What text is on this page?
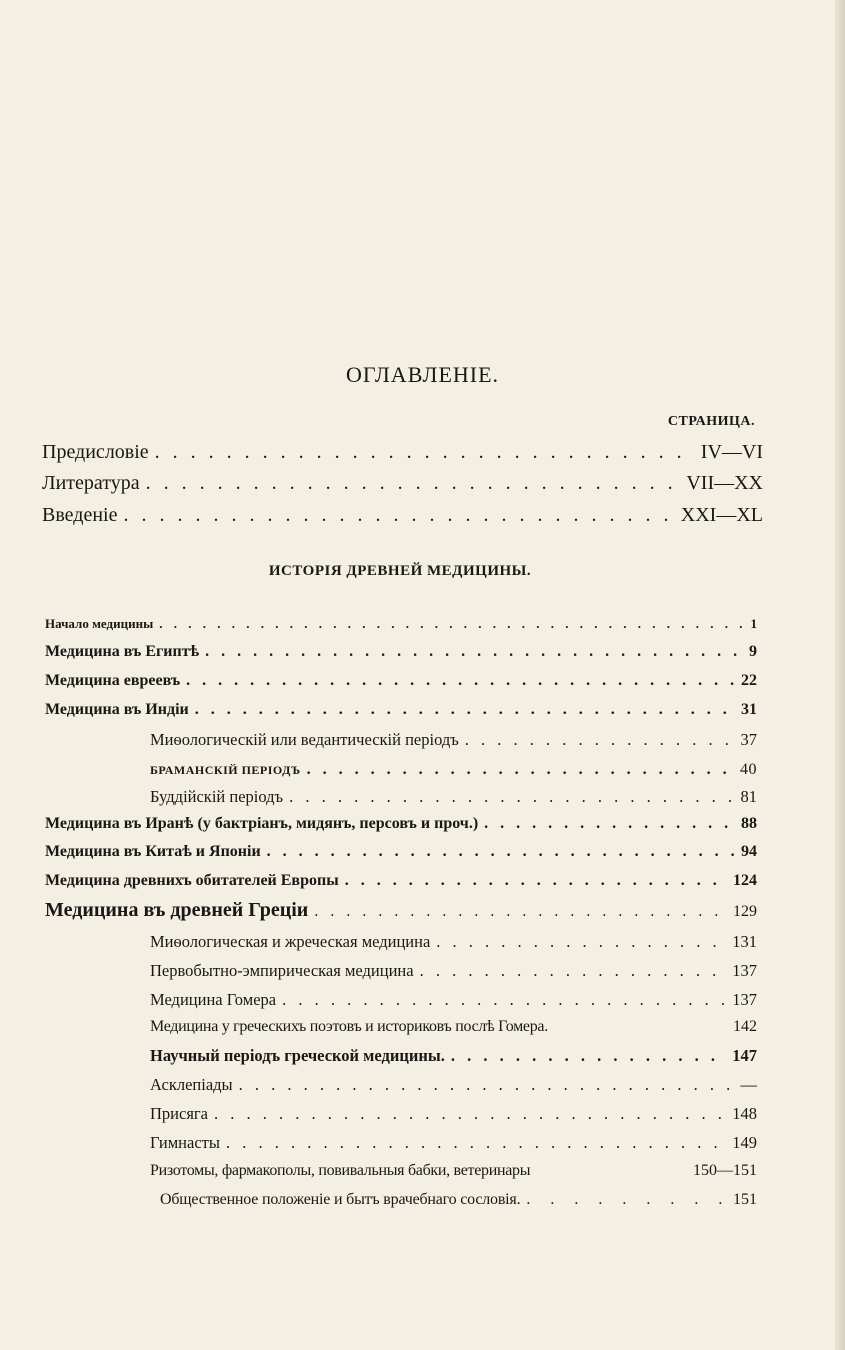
ОГЛАВЛЕНІЕ.
СТРАНИЦА.
Предисловіе . . .	IV—VI
Литература . . .	VII—XX
Введеніе . . .	XXI—XL
ИСТОРІЯ ДРЕВНЕЙ МЕДИЦИНЫ.
Начало медицины . . .	1
Медицина въ Египтѣ . . .	9
Медицина евреевъ . . .	22
Медицина въ Индіи . . .	31
Миѳологическій или ведантическій періодъ . . .	37
БРАМАНСКІЙ ПЕРІОДЪ . . .	40
Буддійскій періодъ . . .	81
Медицина въ Иранѣ (у бактріанъ, мидянъ, персовъ и проч.) . . .	88
Медицина въ Китаѣ и Японіи . . .	94
Медицина древнихъ обитателей Европы . . .	124
Медицина въ древней Греціи . . .	129
Миѳологическая и жреческая медицина . . .	131
Первобытно-эмпирическая медицина . . .	137
Медицина Гомера . . .	137
Медицина у греческихъ поэтовъ и историковъ послѣ Гомера.	142
Научный періодъ греческой медицины. . . .	147
Асклепіады . . .	—
Присяга . . .	148
Гимнасты . . .	149
Ризотомы, фармакополы, повивальныя бабки, ветеринары	150—151
Общественное положеніе и бытъ врачебнаго сословія. . . .	151
